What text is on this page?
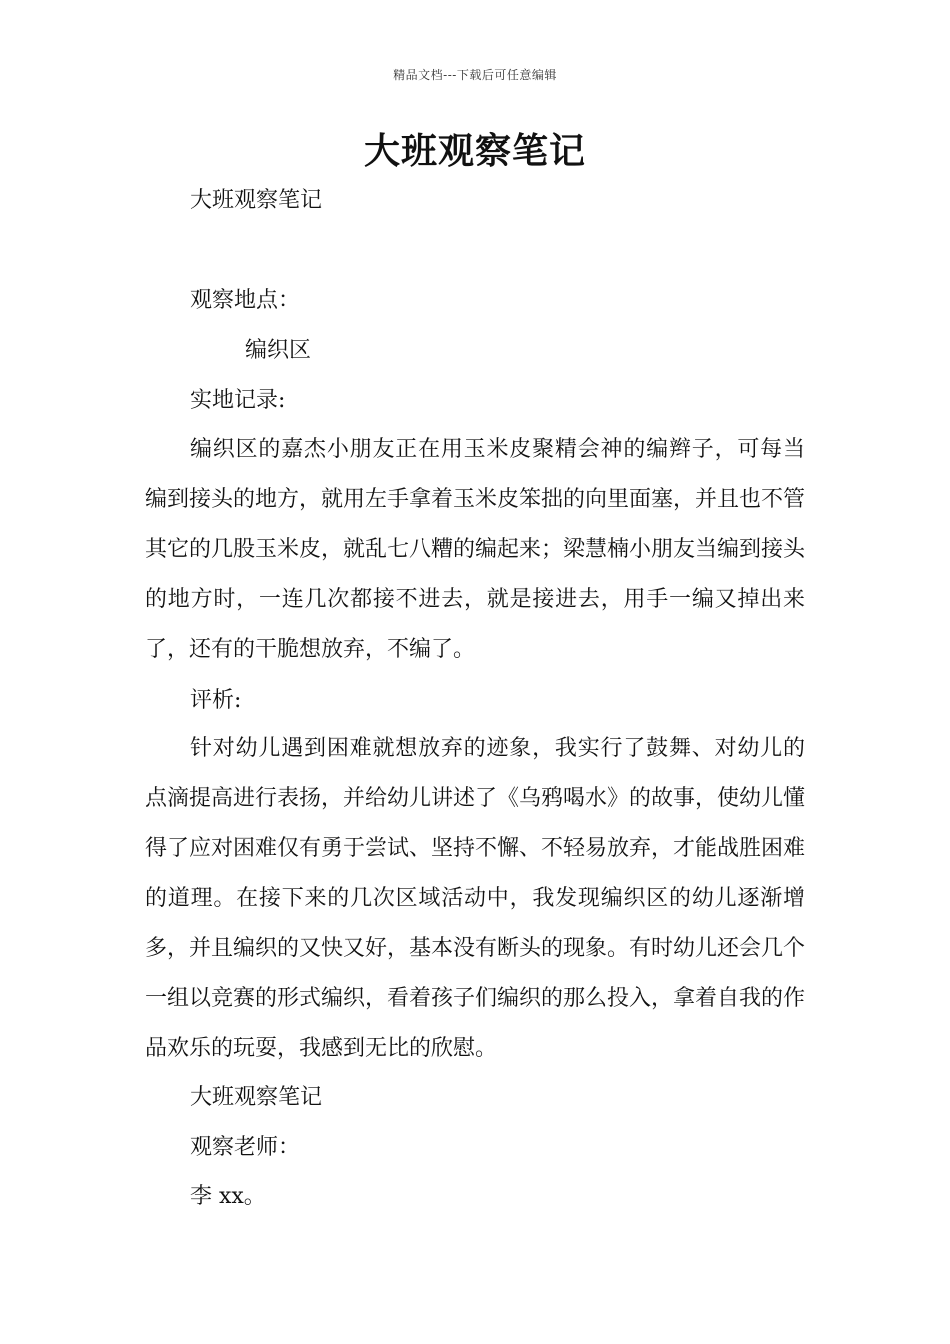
精品文档---下载后可任意编辑
大班观察笔记
大班观察笔记
观察地点：
编织区
实地记录:

编织区的嘉杰小朋友正在用玉米皮聚精会神的编辫子，可每当编到接头的地方，就用左手拿着玉米皮笨拙的向里面塞，并且也不管其它的几股玉米皮，就乱七八糟的编起来；梁慧楠小朋友当编到接头的地方时，一连几次都接不进去，就是接进去，用手一编又掉出来了，还有的干脆想放弃，不编了。

评析:

针对幼儿遇到困难就想放弃的迹象，我实行了鼓舞、对幼儿的点滴提高进行表扬，并给幼儿讲述了《乌鸦喝水》的故事，使幼儿懂得了应对困难仅有勇于尝试、坚持不懈、不轻易放弃，才能战胜困难的道理。在接下来的几次区域活动中，我发现编织区的幼儿逐渐增多，并且编织的又快又好，基本没有断头的现象。有时幼儿还会几个一组以竞赛的形式编织，看着孩子们编织的那么投入，拿着自我的作品欢乐的玩耍，我感到无比的欣慰。

大班观察笔记
观察老师：
李 xx。
